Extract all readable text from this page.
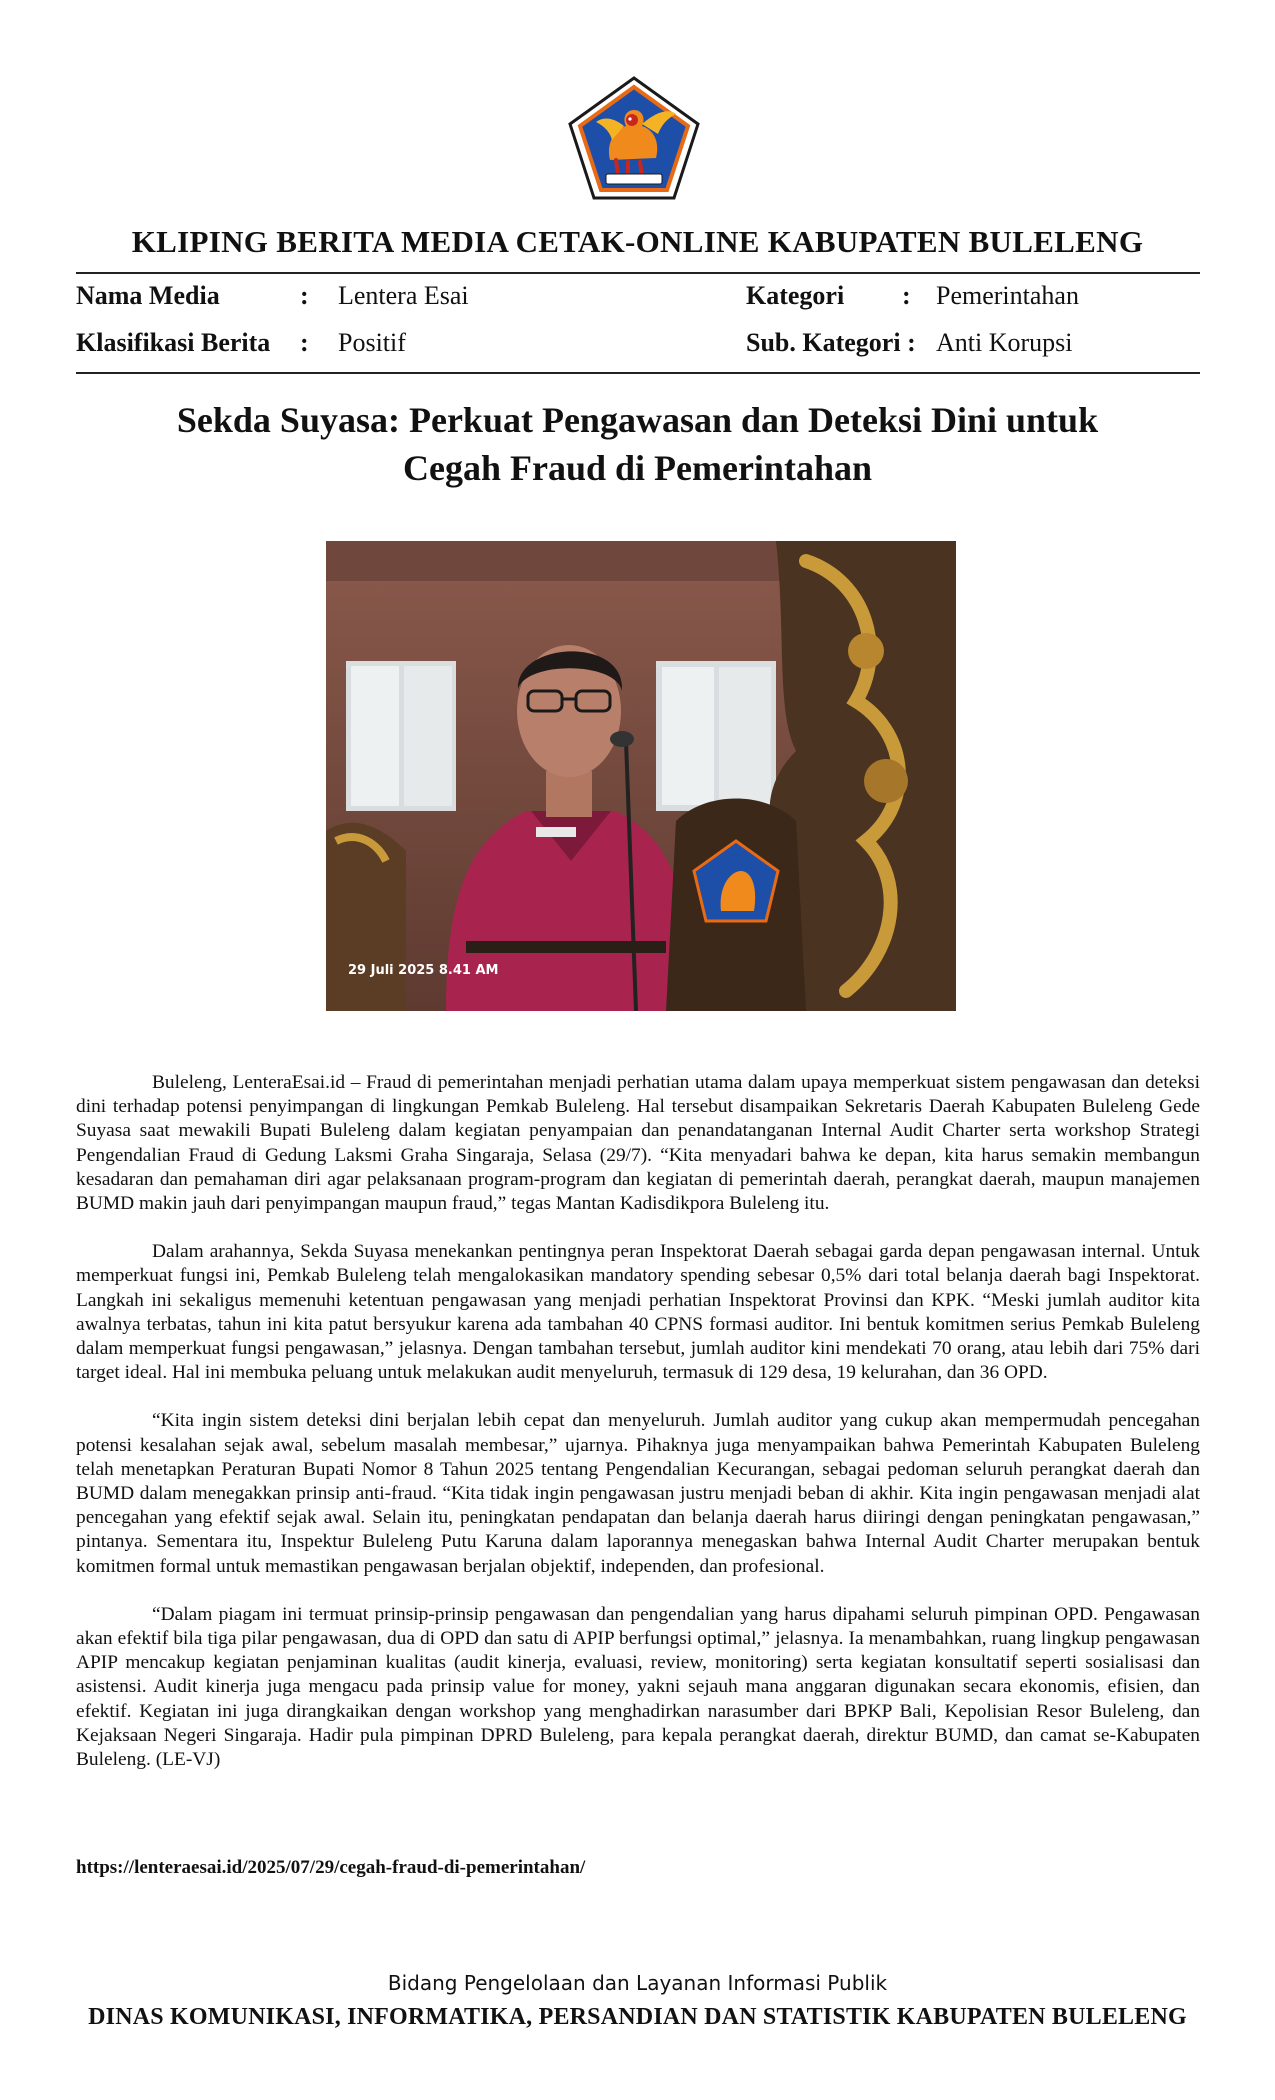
KLIPING BERITA MEDIA CETAK-ONLINE KABUPATEN BULELENG
Nama Media	: Lentera Esai	Kategori : Pemerintahan
Klasifikasi Berita : Positif	Sub. Kategori : Anti Korupsi
Sekda Suyasa: Perkuat Pengawasan dan Deteksi Dini untuk
Cegah Fraud di Pemerintahan
29 Juli 2025 8.41 AM

Buleleng, LenteraEsai.id – Fraud di pemerintahan menjadi perhatian utama dalam upaya memperkuat sistem pengawasan dan deteksi dini terhadap potensi penyimpangan di lingkungan Pemkab Buleleng. Hal tersebut disampaikan Sekretaris Daerah Kabupaten Buleleng Gede Suyasa saat mewakili Bupati Buleleng dalam kegiatan penyampaian dan penandatanganan Internal Audit Charter serta workshop Strategi Pengendalian Fraud di Gedung Laksmi Graha Singaraja, Selasa (29/7). “Kita menyadari bahwa ke depan, kita harus semakin membangun kesadaran dan pemahaman diri agar pelaksanaan program-program dan kegiatan di pemerintah daerah, perangkat daerah, maupun manajemen BUMD makin jauh dari penyimpangan maupun fraud,” tegas Mantan Kadisdikpora Buleleng itu.

Dalam arahannya, Sekda Suyasa menekankan pentingnya peran Inspektorat Daerah sebagai garda depan pengawasan internal. Untuk memperkuat fungsi ini, Pemkab Buleleng telah mengalokasikan mandatory spending sebesar 0,5% dari total belanja daerah bagi Inspektorat. Langkah ini sekaligus memenuhi ketentuan pengawasan yang menjadi perhatian Inspektorat Provinsi dan KPK. “Meski jumlah auditor kita awalnya terbatas, tahun ini kita patut bersyukur karena ada tambahan 40 CPNS formasi auditor. Ini bentuk komitmen serius Pemkab Buleleng dalam memperkuat fungsi pengawasan,” jelasnya. Dengan tambahan tersebut, jumlah auditor kini mendekati 70 orang, atau lebih dari 75% dari target ideal. Hal ini membuka peluang untuk melakukan audit menyeluruh, termasuk di 129 desa, 19 kelurahan, dan 36 OPD.

“Kita ingin sistem deteksi dini berjalan lebih cepat dan menyeluruh. Jumlah auditor yang cukup akan mempermudah pencegahan potensi kesalahan sejak awal, sebelum masalah membesar,” ujarnya. Pihaknya juga menyampaikan bahwa Pemerintah Kabupaten Buleleng telah menetapkan Peraturan Bupati Nomor 8 Tahun 2025 tentang Pengendalian Kecurangan, sebagai pedoman seluruh perangkat daerah dan BUMD dalam menegakkan prinsip anti-fraud. “Kita tidak ingin pengawasan justru menjadi beban di akhir. Kita ingin pengawasan menjadi alat pencegahan yang efektif sejak awal. Selain itu, peningkatan pendapatan dan belanja daerah harus diiringi dengan peningkatan pengawasan,” pintanya. Sementara itu, Inspektur Buleleng Putu Karuna dalam laporannya menegaskan bahwa Internal Audit Charter merupakan bentuk komitmen formal untuk memastikan pengawasan berjalan objektif, independen, dan profesional.

“Dalam piagam ini termuat prinsip-prinsip pengawasan dan pengendalian yang harus dipahami seluruh pimpinan OPD. Pengawasan akan efektif bila tiga pilar pengawasan, dua di OPD dan satu di APIP berfungsi optimal,” jelasnya. Ia menambahkan, ruang lingkup pengawasan APIP mencakup kegiatan penjaminan kualitas (audit kinerja, evaluasi, review, monitoring) serta kegiatan konsultatif seperti sosialisasi dan asistensi. Audit kinerja juga mengacu pada prinsip value for money, yakni sejauh mana anggaran digunakan secara ekonomis, efisien, dan efektif. Kegiatan ini juga dirangkaikan dengan workshop yang menghadirkan narasumber dari BPKP Bali, Kepolisian Resor Buleleng, dan Kejaksaan Negeri Singaraja. Hadir pula pimpinan DPRD Buleleng, para kepala perangkat daerah, direktur BUMD, dan camat se-Kabupaten Buleleng. (LE-VJ)

https://lenteraesai.id/2025/07/29/cegah-fraud-di-pemerintahan/
Bidang Pengelolaan dan Layanan Informasi Publik
DINAS KOMUNIKASI, INFORMATIKA, PERSANDIAN DAN STATISTIK KABUPATEN BULELENG
